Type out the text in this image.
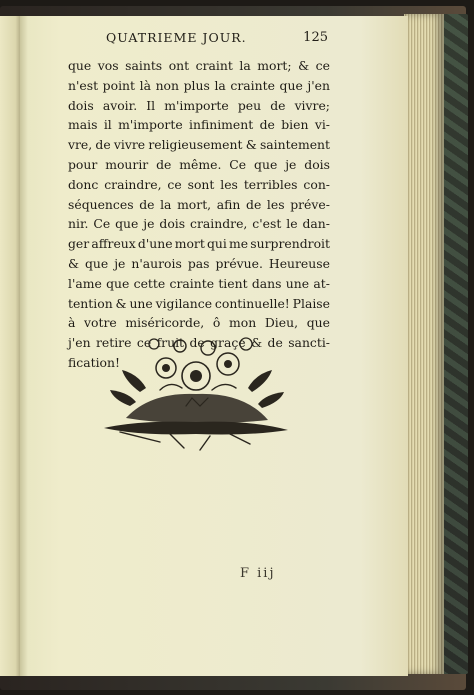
QUATRIEME JOUR.	125
que vos saints ont craint la mort; & ce
n'est point là non plus la crainte que j'en
dois avoir. Il m'importe peu de vivre;
mais il m'importe infiniment de bien vi-
vre, de vivre religieusement & saintement
pour mourir de même. Ce que je dois
donc craindre, ce sont les terribles con-
séquences de la mort, afin de les préve-
nir. Ce que je dois craindre, c'est le dan-
ger affreux d'une mort qui me surprendroit
& que je n'aurois pas prévue. Heureuse
l'ame que cette crainte tient dans une at-
tention & une vigilance continuelle! Plaise
à votre miséricorde, ô mon Dieu, que
j'en retire ce fruit de graçe & de sancti-
fication!
F iij
